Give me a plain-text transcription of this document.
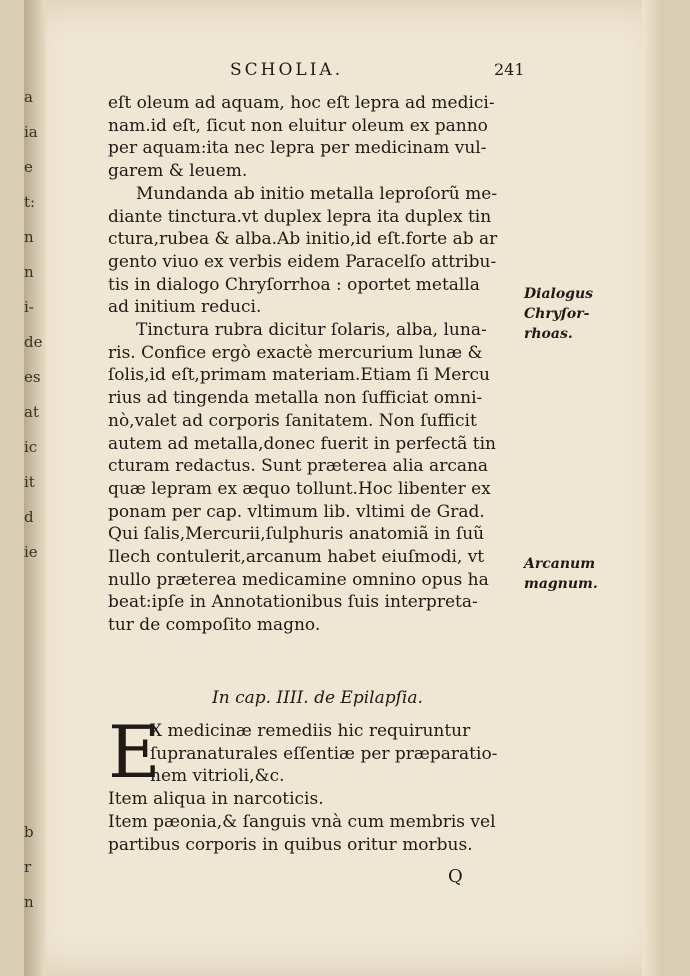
a
ia
e
t:
n
n
i-
de
es
at
ic
it
d
ie
b
r
n
SCHOLIA.	241
eſt oleum ad aquam, hoc eſt lepra ad medici-
nam.id eſt, ſicut non eluitur oleum ex panno
per aquam:ita nec lepra per medicinam vul-
garem & leuem.
Mundanda ab initio metalla leproſorũ me-
diante tinctura.vt duplex lepra ita duplex tin
ctura,rubea & alba.Ab initio,id eſt.forte ab ar
gento viuo ex verbis eidem Paracelſo attribu-
tis in dialogo Chryſorrhoa : oportet metalla
ad initium reduci.
Tinctura rubra dicitur ſolaris, alba, luna-
ris. Confice ergò exactè mercurium lunæ &
ſolis,id eſt,primam materiam.Etiam ſi Mercu
rius ad tingenda metalla non ſufficiat omni-
nò,valet ad corporis ſanitatem. Non ſufficit
autem ad metalla,donec fuerit in perfectã tin
cturam redactus. Sunt præterea alia arcana
quæ lepram ex æquo tollunt.Hoc libenter ex
ponam per cap. vltimum lib. vltimi de Grad.
Qui ſalis,Mercurii,ſulphuris anatomiã in ſuũ
Ilech contulerit,arcanum habet eiuſmodi, vt
nullo præterea medicamine omnino opus ha
beat:ipſe in Annotationibus ſuis interpreta-
tur de compoſito magno.
Dialogus
Chryſor-
rhoas.
Arcanum
magnum.
In cap. IIII. de Epilapſia.
E
X medicinæ remediis hic requiruntur
ſupranaturales eſſentiæ per præparatio-
nem vitrioli,&c.
Item aliqua in narcoticis.
Item pæonia,& ſanguis vnà cum membris vel
partibus corporis in quibus oritur morbus.
Q
